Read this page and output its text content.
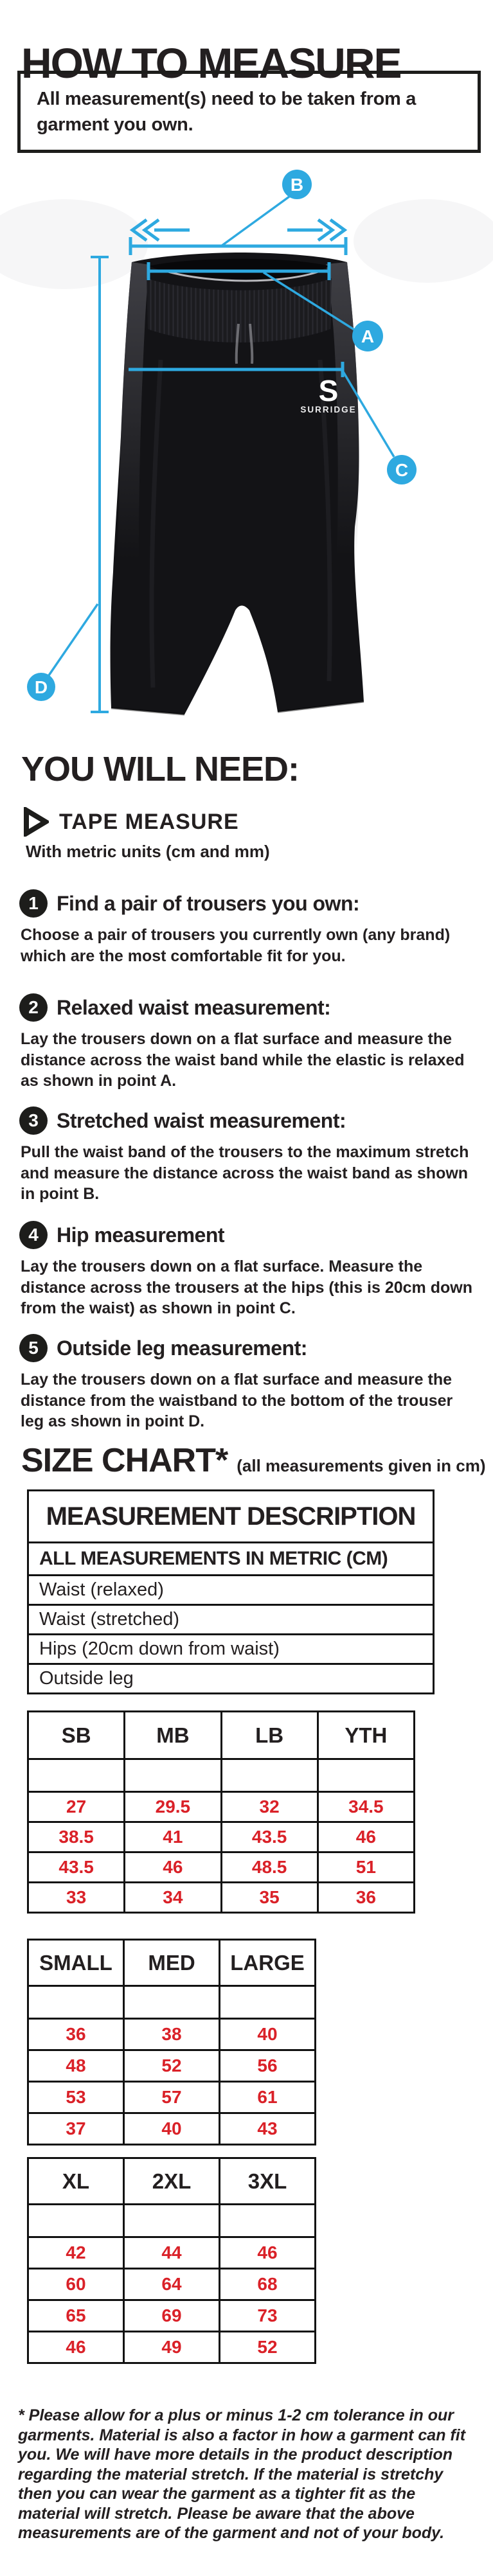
HOW TO MEASURE

All measurement(s) need to be taken from a garment you own.

S
SURRIDGE
B
A
C
D
YOU WILL NEED:
TAPE MEASURE
With metric units (cm and mm)
1 Find a pair of trousers you own:

Choose a pair of trousers you currently own (any brand) which are the most comfortable fit for you.

2 Relaxed waist measurement:

Lay the trousers down on a flat surface and measure the distance across the waist band while the elastic is relaxed as shown in point A.

3 Stretched waist measurement:

Pull the waist band of the trousers to the maximum stretch and measure the distance across the waist band as shown in point B.

4 Hip measurement

Lay the trousers down on a flat surface. Measure the distance across the trousers at the hips (this is 20cm down from the waist) as shown in point C.

5 Outside leg measurement:

Lay the trousers down on a flat surface and measure the distance from the waistband to the bottom of the trouser leg as shown in point D.

SIZE CHART* (all measurements given in cm)
MEASUREMENT DESCRIPTION
ALL MEASUREMENTS IN METRIC (CM)
Waist (relaxed)
Waist (stretched)
Hips (20cm down from waist)
Outside leg
SB	MB	LB	YTH

27	29.5	32	34.5
38.5	41	43.5	46
43.5	46	48.5	51
33	34	35	36
SMALL	MED	LARGE

36	38	40
48	52	56
53	57	61
37	40	43
XL	2XL	3XL

42	44	46
60	64	68
65	69	73
46	49	52

* Please allow for a plus or minus 1-2 cm tolerance in our garments. Material is also a factor in how a garment can fit you. We will have more details in the product description regarding the material stretch. If the material is stretchy then you can wear the garment as a tighter fit as the material will stretch. Please be aware that the above measurements are of the garment and not of your body.
